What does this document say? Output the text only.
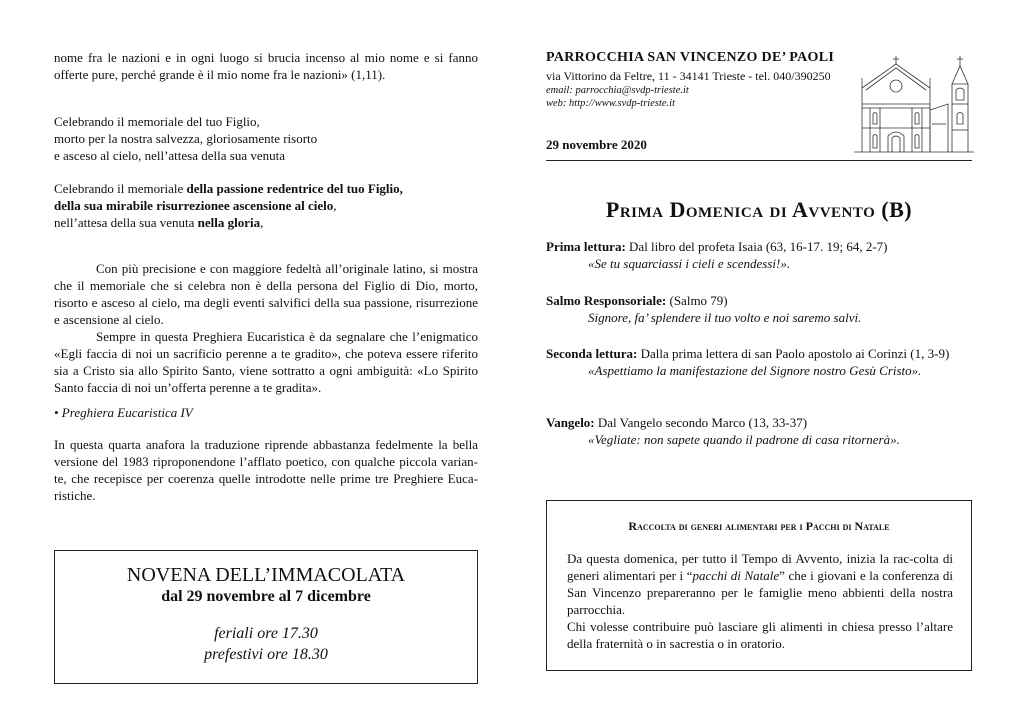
nome fra le nazioni e in ogni luogo si brucia incenso al mio nome e si fanno offerte pure, perché grande è il mio nome fra le nazioni» (1,11).
Celebrando il memoriale del tuo Figlio,
morto per la nostra salvezza, gloriosamente risorto
e asceso al cielo, nell’attesa della sua venuta
Celebrando il memoriale della passione redentrice del tuo Figlio,
della sua mirabile risurrezionee ascensione al cielo,
nell’attesa della sua venuta nella gloria,
Con più precisione e con maggiore fedeltà all’originale latino, si mostra che il memoriale che si celebra non è della persona del Figlio di Dio, morto, risorto e asceso al cielo, ma degli eventi salvifici della sua passione, risurrezione e ascensione al cielo.
Sempre in questa Preghiera Eucaristica è da segnalare che l’enigmatico «Egli faccia di noi un sacrificio perenne a te gradito», che poteva essere riferito sia a Cristo sia allo Spirito Santo, viene sottratto a ogni ambiguità: «Lo Spirito Santo faccia di noi un’offerta perenne a te gradita».
• Preghiera Eucaristica IV
In questa quarta anafora la traduzione riprende abbastanza fedelmente la bella versione del 1983 riproponendone l’afflato poetico, con qualche piccola varian-te, che recepisce per coerenza quelle introdotte nelle prime tre Preghiere Euca-ristiche.
NOVENA DELL’IMMACOLATA
dal 29 novembre al 7 dicembre
feriali ore 17.30
prefestivi ore 18.30
PARROCCHIA SAN VINCENZO DE’ PAOLI
via Vittorino da Feltre, 11 - 34141 Trieste - tel. 040/390250
email: parrocchia@svdp-trieste.it
web: http://www.svdp-trieste.it
29 novembre 2020
Prima Domenica di Avvento (B)
Prima lettura: Dal libro del profeta Isaia (63, 16-17. 19; 64, 2-7)
«Se tu squarciassi i cieli e scendessi!».
Salmo Responsoriale: (Salmo 79)
Signore, fa’ splendere il tuo volto e noi saremo salvi.
Seconda lettura: Dalla prima lettera di san Paolo apostolo ai Corinzi (1, 3-9)
«Aspettiamo la manifestazione del Signore nostro Gesù Cristo».
Vangelo: Dal Vangelo secondo Marco (13, 33-37)
«Vegliate: non sapete quando il padrone di casa ritornerà».
Raccolta di generi alimentari per i Pacchi di Natale
Da questa domenica, per tutto il Tempo di Avvento, inizia la rac-colta di generi alimentari per i “pacchi di Natale” che i giovani e la conferenza di San Vincenzo prepareranno per le famiglie meno abbienti della nostra parrocchia.
Chi volesse contribuire può lasciare gli alimenti in chiesa presso l’altare della fraternità o in sacrestia o in oratorio.
